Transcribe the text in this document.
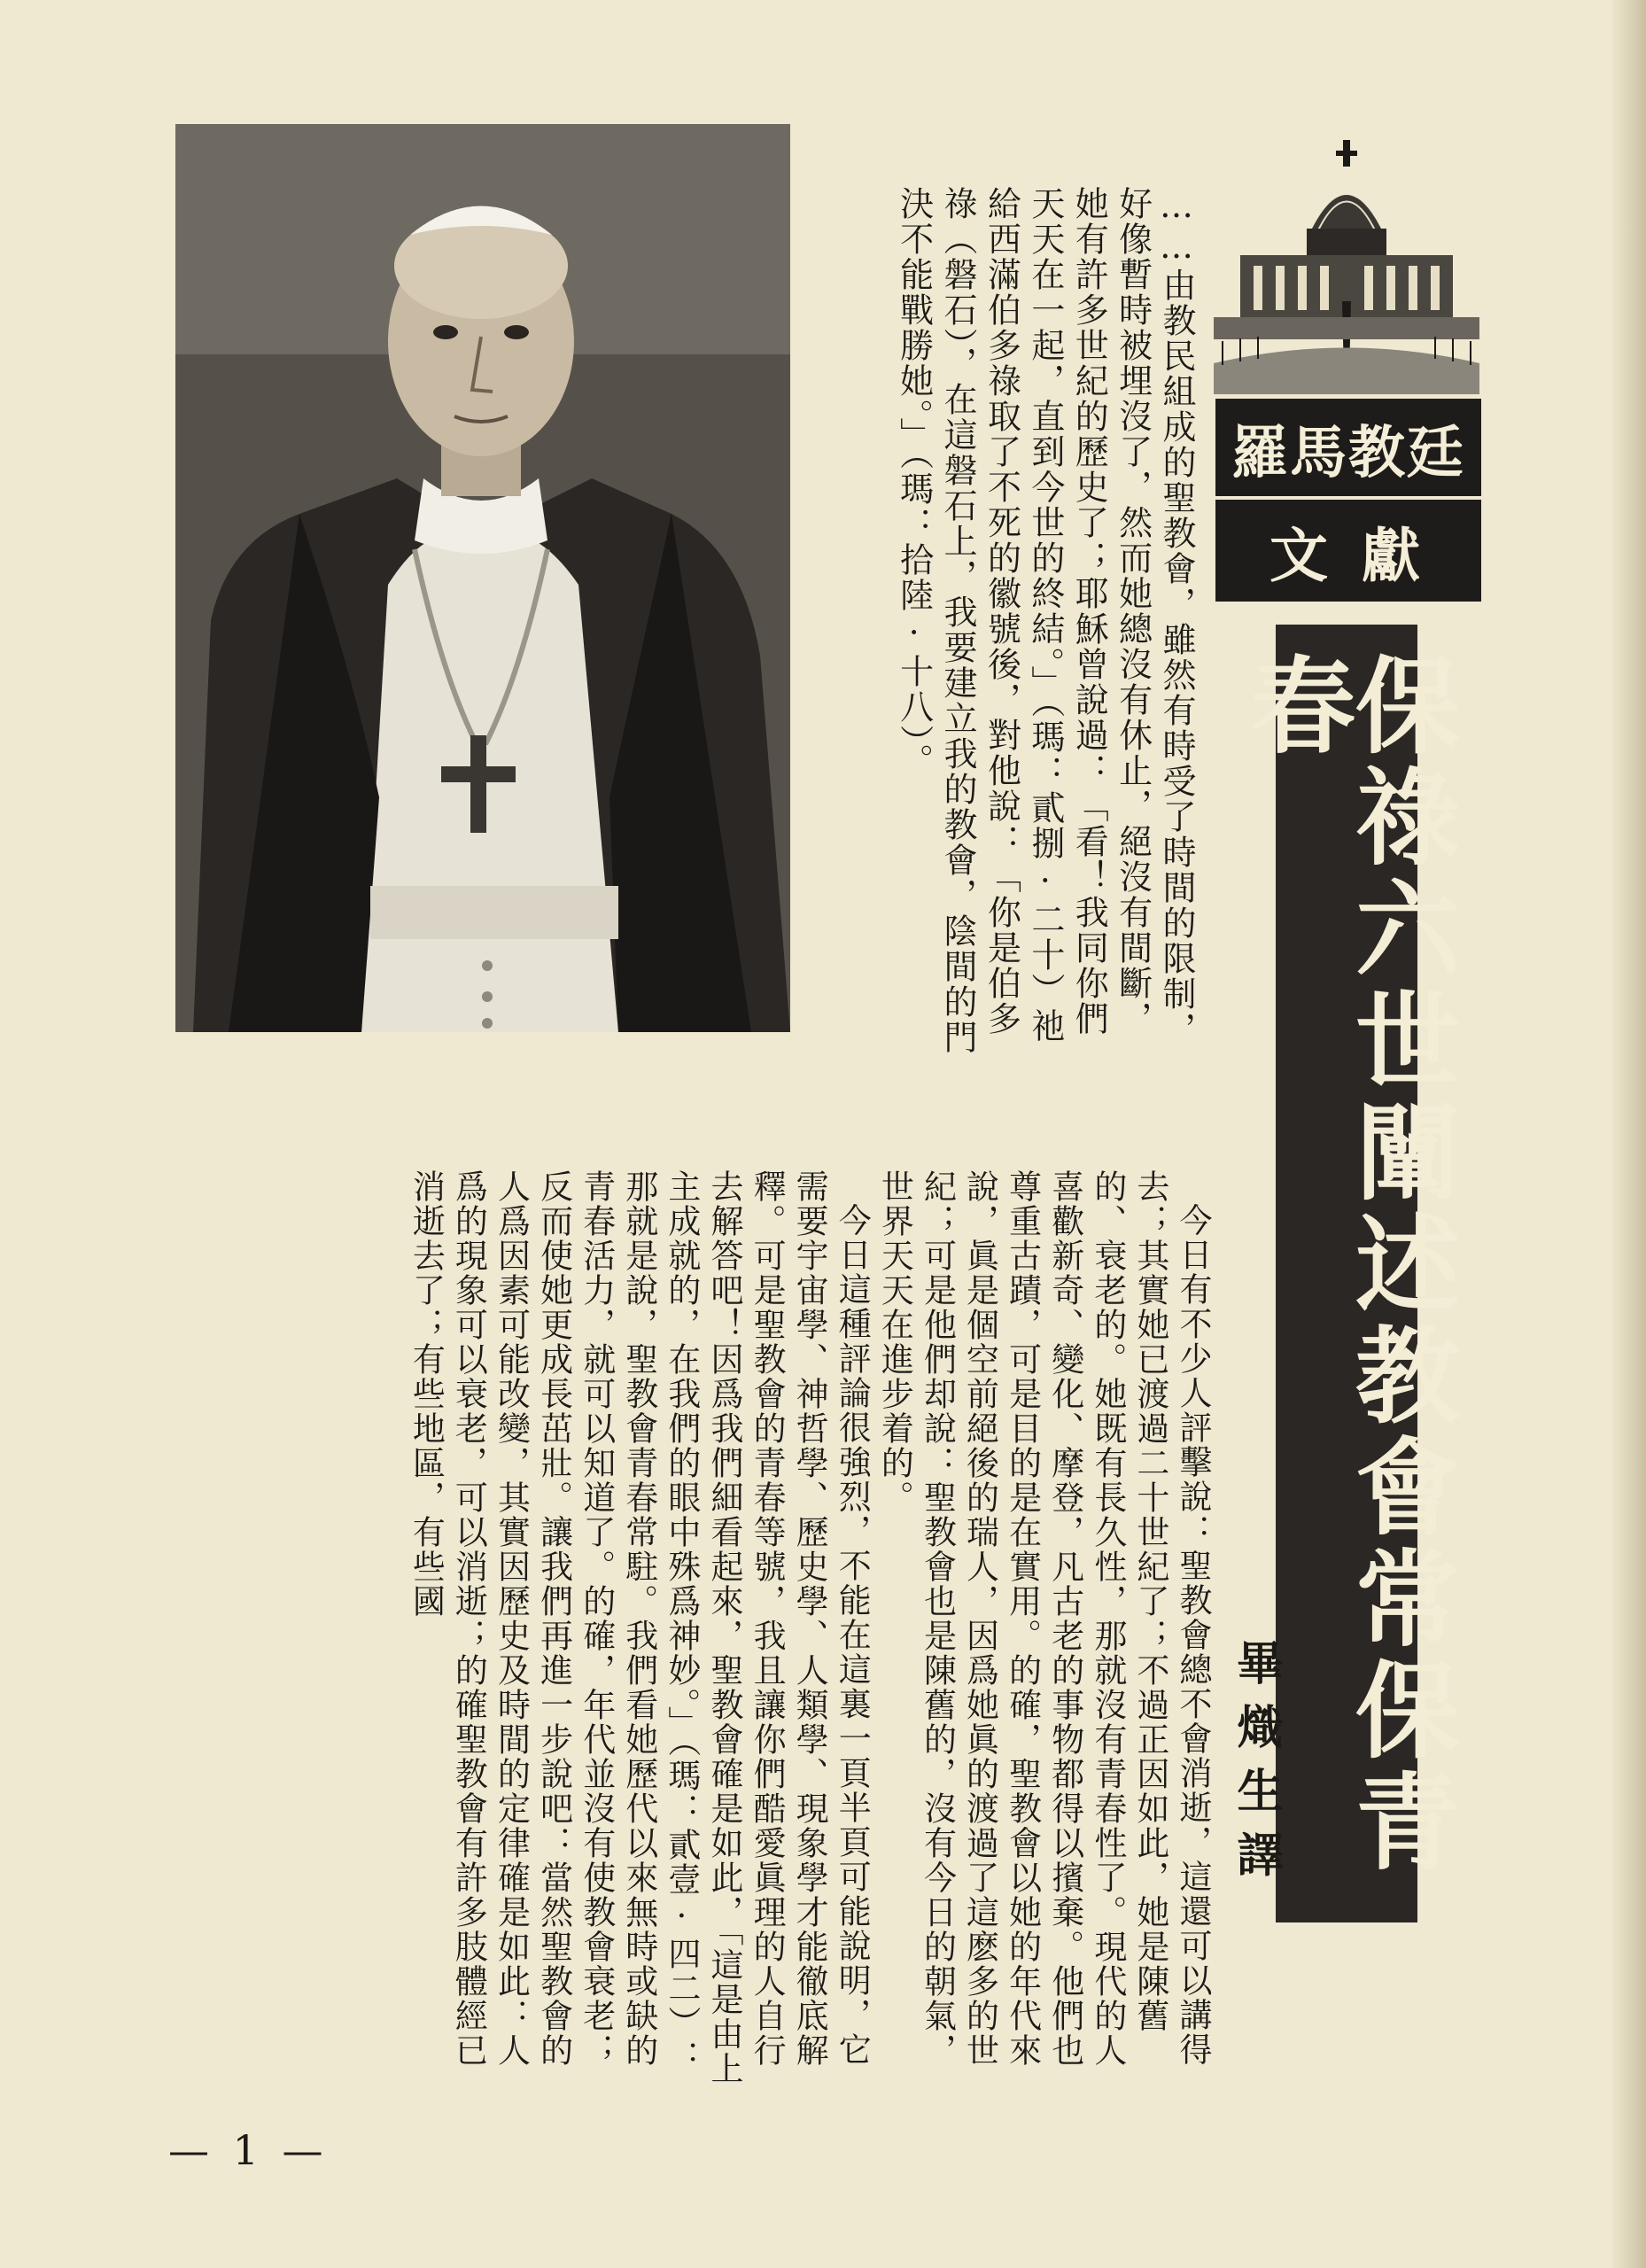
……由教民組成的聖教會，雖然有時受了時間的限制，好像暫時被埋沒了，然而她總沒有休止，絕沒有間斷，她有許多世紀的歷史了；耶穌曾說過：「看！我同你們天天在一起，直到今世的終結。」（瑪：貳捌·二十）祂給西滿伯多祿取了不死的徽號後，對他說：「你是伯多祿（磐石），在這磐石上，我要建立我的教會，陰間的門決不能戰勝她。」（瑪：拾陸·十八）。	羅馬教廷
文獻
保祿六世闡述教會常保青春
畢熾生譯

今日有不少人評擊說：聖教會總不會消逝，這還可以講得去；其實她已渡過二十世紀了；不過正因如此，她是陳舊的、衰老的。她既有長久性，那就沒有青春性了。現代的人喜歡新奇、變化、摩登，凡古老的事物都得以擯棄。他們也尊重古蹟，可是目的是在實用。的確，聖教會以她的年代來說，眞是個空前絕後的瑞人，因爲她眞的渡過了這麽多的世紀；可是他們却說：聖教會也是陳舊的，沒有今日的朝氣，世界天天在進步着的。

今日這種評論很強烈，不能在這裏一頁半頁可能說明，它需要宇宙學、神哲學、歷史學、人類學、現象學才能徹底解釋。可是聖教會的青春等號，我且讓你們酷愛眞理的人自行去解答吧！因爲我們細看起來，聖教會確是如此，「這是由上主成就的，在我們的眼中殊爲神妙。」（瑪：貳壹·四二）：那就是說，聖教會青春常駐。我們看她歷代以來無時或缺的青春活力，就可以知道了。的確，年代並沒有使教會衰老；反而使她更成長茁壯。讓我們再進一步說吧：當然聖教會的人爲因素可能改變，其實因歷史及時間的定律確是如此：人爲的現象可以衰老，可以消逝；的確聖教會有許多肢體經已消逝去了；有些地區，有些國

— 1 —
